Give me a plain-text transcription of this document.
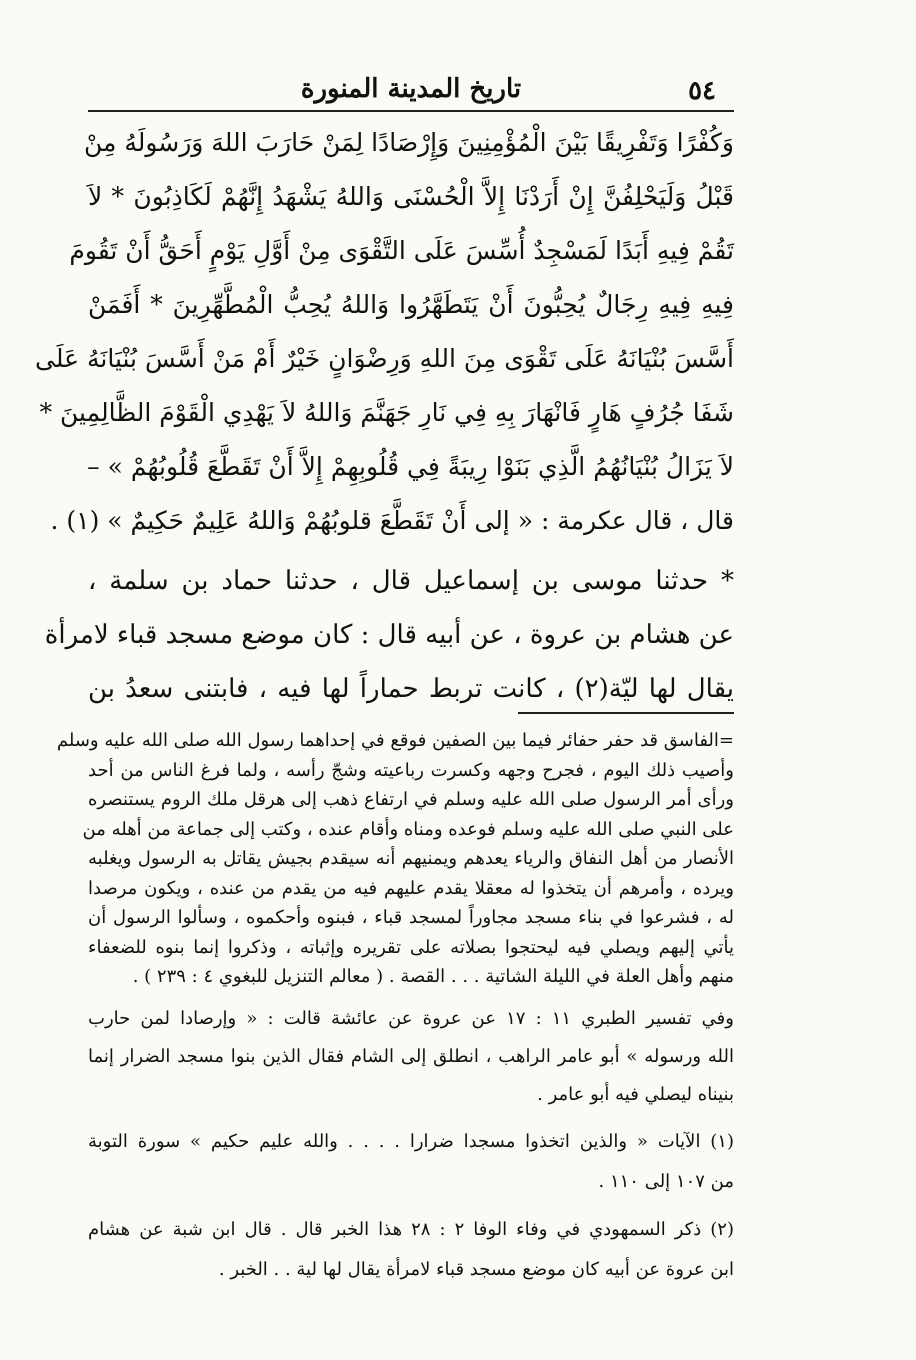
٥٤
تاريخ المدينة المنورة
وَكُفْرًا وَتَفْرِيقًا بَيْنَ الْمُؤْمِنِينَ وَإِرْصَادًا لِمَنْ حَارَبَ اللهَ وَرَسُولَهُ مِنْ
قَبْلُ وَلَيَحْلِفُنَّ إِنْ أَرَدْنَا إِلاَّ الْحُسْنَى وَاللهُ يَشْهَدُ إِنَّهُمْ لَكَاذِبُونَ * لاَ
تَقُمْ فِيهِ أَبَدًا لَمَسْجِدٌ أُسِّسَ عَلَى التَّقْوَى مِنْ أَوَّلِ يَوْمٍ أَحَقُّ أَنْ تَقُومَ
فِيهِ فِيهِ رِجَالٌ يُحِبُّونَ أَنْ يَتَطَهَّرُوا وَاللهُ يُحِبُّ الْمُطَّهِّرِينَ * أَفَمَنْ
أَسَّسَ بُنْيَانَهُ عَلَى تَقْوَى مِنَ اللهِ وَرِضْوَانٍ خَيْرٌ أَمْ مَنْ أَسَّسَ بُنْيَانَهُ عَلَى
شَفَا جُرُفٍ هَارٍ فَانْهَارَ بِهِ فِي نَارِ جَهَنَّمَ وَاللهُ لاَ يَهْدِي الْقَوْمَ الظَّالِمِينَ *
لاَ يَزَالُ بُنْيَانُهُمُ الَّذِي بَنَوْا رِيبَةً فِي قُلُوبِهِمْ إِلاَّ أَنْ تَقَطَّعَ قُلُوبُهُمْ » –
قال ، قال عكرمة : « إلى أَنْ تَقَطَّعَ قلوبُهُمْ وَاللهُ عَلِيمٌ حَكِيمٌ » (١) .
* حدثنا موسى بن إسماعيل قال ، حدثنا حماد بن سلمة ،
عن هشام بن عروة ، عن أبيه قال : كان موضع مسجد قباء لامرأة
يقال لها ليّة(٢) ، كانت تربط حماراً لها فيه ، فابتنى سعدُ بن
=الفاسق قد حفر حفائر فيما بين الصفين فوقع في إحداهما رسول الله صلى الله عليه وسلم
وأصيب ذلك اليوم ، فجرح وجهه وكسرت رباعيته وشجّ رأسه ، ولما فرغ الناس من أحد
ورأى أمر الرسول صلى الله عليه وسلم في ارتفاع ذهب إلى هرقل ملك الروم يستنصره
على النبي صلى الله عليه وسلم فوعده ومناه وأقام عنده ، وكتب إلى جماعة من أهله من
الأنصار من أهل النفاق والرياء يعدهم ويمنيهم أنه سيقدم بجيش يقاتل به الرسول ويغلبه
ويرده ، وأمرهم أن يتخذوا له معقلا يقدم عليهم فيه من يقدم من عنده ، ويكون مرصدا
له ، فشرعوا في بناء مسجد مجاوراً لمسجد قباء ، فبنوه وأحكموه ، وسألوا الرسول أن
يأتي إليهم ويصلي فيه ليحتجوا بصلاته على تقريره وإثباته ، وذكروا إنما بنوه للضعفاء
منهم وأهل العلة في الليلة الشاتية . . . القصة . ( معالم التنزيل للبغوي ٤ : ٢٣٩ ) .
وفي تفسير الطبري ١١ : ١٧ عن عروة عن عائشة قالت : « وإرصادا لمن حارب
الله ورسوله » أبو عامر الراهب ، انطلق إلى الشام فقال الذين بنوا مسجد الضرار إنما
بنيناه ليصلي فيه أبو عامر .
(١) الآيات « والذين اتخذوا مسجدا ضرارا . . . . والله عليم حكيم » سورة التوبة
من ١٠٧ إلى ١١٠ .
(٢) ذكر السمهودي في وفاء الوفا ٢ : ٢٨ هذا الخبر قال . قال ابن شبة عن هشام
ابن عروة عن أبيه كان موضع مسجد قباء لامرأة يقال لها لية . . الخبر .
